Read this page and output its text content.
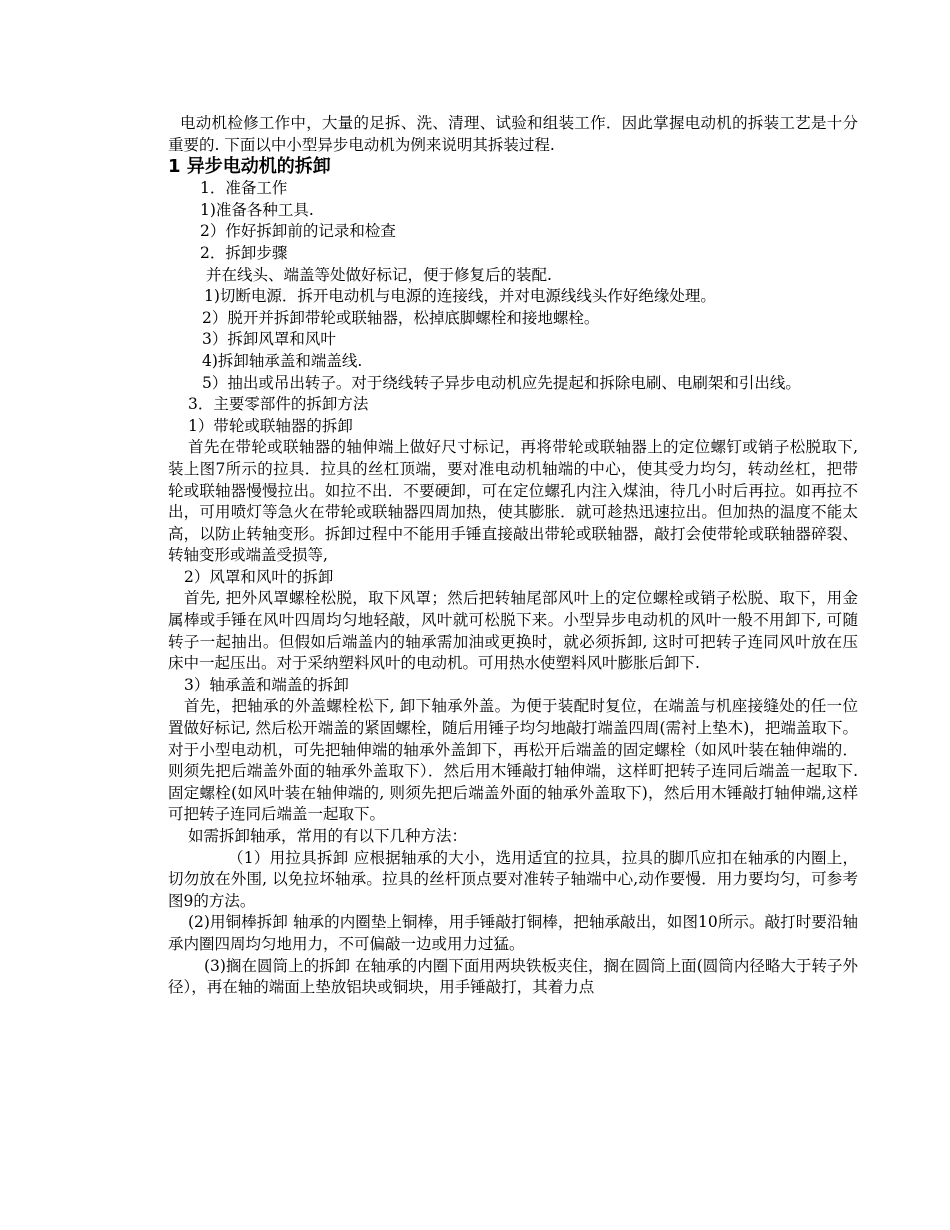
电动机检修工作中，大量的足拆、洗、清理、试验和组装工作．因此掌握电动机的拆装工艺是十分重要的. 下面以中小型异步电动机为例来说明其拆装过程.

1 异步电动机的拆卸

1．准备工作

1)准备各种工具.

2）作好拆卸前的记录和检查

2．拆卸步骤

并在线头、端盖等处做好标记，便于修复后的装配.

1)切断电源．拆开电动机与电源的连接线，并对电源线线头作好绝缘处理。

2）脱开并拆卸带轮或联轴器，松掉底脚螺栓和接地螺栓。

3）拆卸风罩和风叶

4)拆卸轴承盖和端盖线.

5）抽出或吊出转子。对于绕线转子异步电动机应先提起和拆除电刷、电刷架和引出线。

3．主要零部件的拆卸方法

1）带轮或联轴器的拆卸

首先在带轮或联轴器的轴伸端上做好尺寸标记，再将带轮或联轴器上的定位螺钉或销子松脱取下, 装上图7所示的拉具．拉具的丝杠顶端，要对准电动机轴端的中心，使其受力均匀，转动丝杠，把带轮或联轴器慢慢拉出。如拉不出．不要硬卸，可在定位螺孔内注入煤油，待几小时后再拉。如再拉不出，可用喷灯等急火在带轮或联轴器四周加热，使其膨胀．就可趁热迅速拉出。但加热的温度不能太高，以防止转轴变形。拆卸过程中不能用手锤直接敲出带轮或联轴器，敲打会使带轮或联轴器碎裂、转轴变形或端盖受损等,

2）风罩和风叶的拆卸

首先, 把外风罩螺栓松脱，取下风罩；然后把转轴尾部风叶上的定位螺栓或销子松脱、取下，用金属棒或手锤在风叶四周均匀地轻敲，风叶就可松脱下来。小型异步电动机的风叶一般不用卸下, 可随转子一起抽出。但假如后端盖内的轴承需加油或更换时，就必须拆卸, 这时可把转子连同风叶放在压床中一起压出。对于采纳塑料风叶的电动机。可用热水使塑料风叶膨胀后卸下.

3）轴承盖和端盖的拆卸

首先，把轴承的外盖螺栓松下, 卸下轴承外盖。为便于装配时复位，在端盖与机座接缝处的任一位置做好标记, 然后松开端盖的紧固螺栓，随后用锤子均匀地敲打端盖四周(需衬上垫木)，把端盖取下。对于小型电动机，可先把轴伸端的轴承外盖卸下，再松开后端盖的固定螺栓（如风叶装在轴伸端的．则须先把后端盖外面的轴承外盖取下）．然后用木锤敲打轴伸端，这样町把转子连同后端盖一起取下. 固定螺栓(如风叶装在轴伸端的, 则须先把后端盖外面的轴承外盖取下)，然后用木锤敲打轴伸端,这样可把转子连同后端盖一起取下。

如需拆卸轴承，常用的有以下几种方法：

（1）用拉具拆卸 应根据轴承的大小，选用适宜的拉具，拉具的脚爪应扣在轴承的内圈上，切勿放在外围, 以免拉坏轴承。拉具的丝杆顶点要对准转子轴端中心,动作要慢．用力要均匀，可参考图9的方法。

(2)用铜棒拆卸 轴承的内圈垫上铜棒，用手锤敲打铜棒，把轴承敲出，如图10所示。敲打时要沿轴承内圈四周均匀地用力，不可偏敲一边或用力过猛。

(3)搁在圆筒上的拆卸 在轴承的内圈下面用两块铁板夹住，搁在圆筒上面(圆筒内径略大于转子外径），再在轴的端面上垫放铝块或铜块，用手锤敲打，其着力点
